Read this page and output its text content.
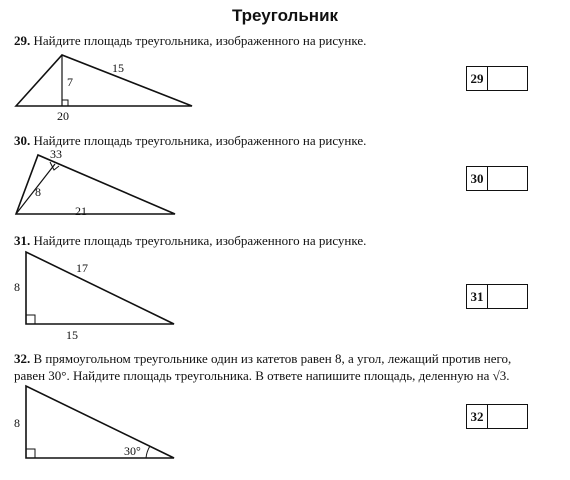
Треугольник
29. Найдите площадь треугольника, изображенного на рисунке.
7
15
20
29
30. Найдите площадь треугольника, изображенного на рисунке.
33
8
21
30
31. Найдите площадь треугольника, изображенного на рисунке.
17
8
15
31
32. В прямоугольном треугольнике один из катетов равен 8, а угол, лежащий против него,
равен 30°. Найдите площадь треугольника. В ответе напишите площадь, деленную на √3.
8
30°
32
